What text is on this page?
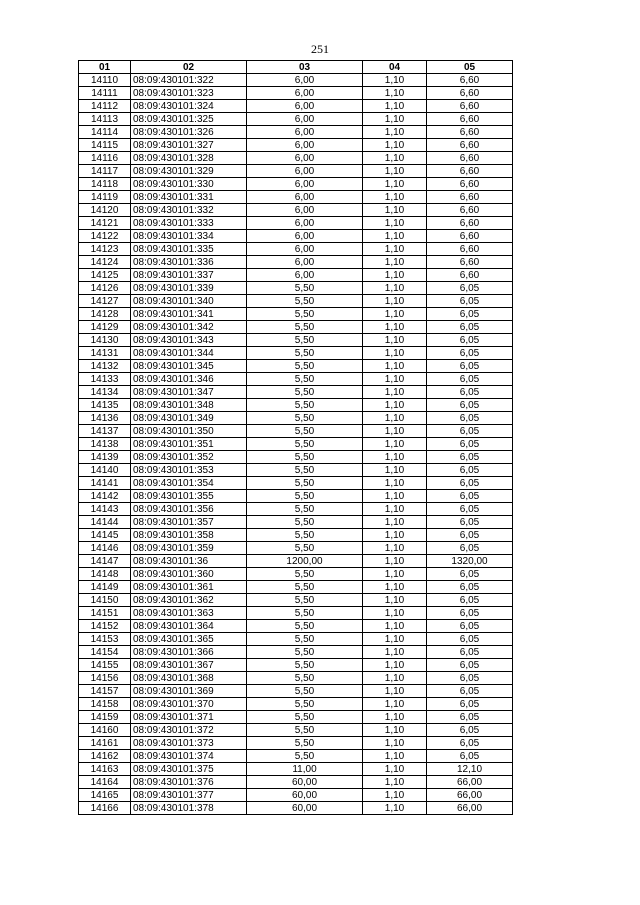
251
01	02	03	04	05
14110	08:09:430101:322	6,00	1,10	6,60
14111	08:09:430101:323	6,00	1,10	6,60
14112	08:09:430101:324	6,00	1,10	6,60
14113	08:09:430101:325	6,00	1,10	6,60
14114	08:09:430101:326	6,00	1,10	6,60
14115	08:09:430101:327	6,00	1,10	6,60
14116	08:09:430101:328	6,00	1,10	6,60
14117	08:09:430101:329	6,00	1,10	6,60
14118	08:09:430101:330	6,00	1,10	6,60
14119	08:09:430101:331	6,00	1,10	6,60
14120	08:09:430101:332	6,00	1,10	6,60
14121	08:09:430101:333	6,00	1,10	6,60
14122	08:09:430101:334	6,00	1,10	6,60
14123	08:09:430101:335	6,00	1,10	6,60
14124	08:09:430101:336	6,00	1,10	6,60
14125	08:09:430101:337	6,00	1,10	6,60
14126	08:09:430101:339	5,50	1,10	6,05
14127	08:09:430101:340	5,50	1,10	6,05
14128	08:09:430101:341	5,50	1,10	6,05
14129	08:09:430101:342	5,50	1,10	6,05
14130	08:09:430101:343	5,50	1,10	6,05
14131	08:09:430101:344	5,50	1,10	6,05
14132	08:09:430101:345	5,50	1,10	6,05
14133	08:09:430101:346	5,50	1,10	6,05
14134	08:09:430101:347	5,50	1,10	6,05
14135	08:09:430101:348	5,50	1,10	6,05
14136	08:09:430101:349	5,50	1,10	6,05
14137	08:09:430101:350	5,50	1,10	6,05
14138	08:09:430101:351	5,50	1,10	6,05
14139	08:09:430101:352	5,50	1,10	6,05
14140	08:09:430101:353	5,50	1,10	6,05
14141	08:09:430101:354	5,50	1,10	6,05
14142	08:09:430101:355	5,50	1,10	6,05
14143	08:09:430101:356	5,50	1,10	6,05
14144	08:09:430101:357	5,50	1,10	6,05
14145	08:09:430101:358	5,50	1,10	6,05
14146	08:09:430101:359	5,50	1,10	6,05
14147	08:09:430101:36	1200,00	1,10	1320,00
14148	08:09:430101:360	5,50	1,10	6,05
14149	08:09:430101:361	5,50	1,10	6,05
14150	08:09:430101:362	5,50	1,10	6,05
14151	08:09:430101:363	5,50	1,10	6,05
14152	08:09:430101:364	5,50	1,10	6,05
14153	08:09:430101:365	5,50	1,10	6,05
14154	08:09:430101:366	5,50	1,10	6,05
14155	08:09:430101:367	5,50	1,10	6,05
14156	08:09:430101:368	5,50	1,10	6,05
14157	08:09:430101:369	5,50	1,10	6,05
14158	08:09:430101:370	5,50	1,10	6,05
14159	08:09:430101:371	5,50	1,10	6,05
14160	08:09:430101:372	5,50	1,10	6,05
14161	08:09:430101:373	5,50	1,10	6,05
14162	08:09:430101:374	5,50	1,10	6,05
14163	08:09:430101:375	11,00	1,10	12,10
14164	08:09:430101:376	60,00	1,10	66,00
14165	08:09:430101:377	60,00	1,10	66,00
14166	08:09:430101:378	60,00	1,10	66,00
